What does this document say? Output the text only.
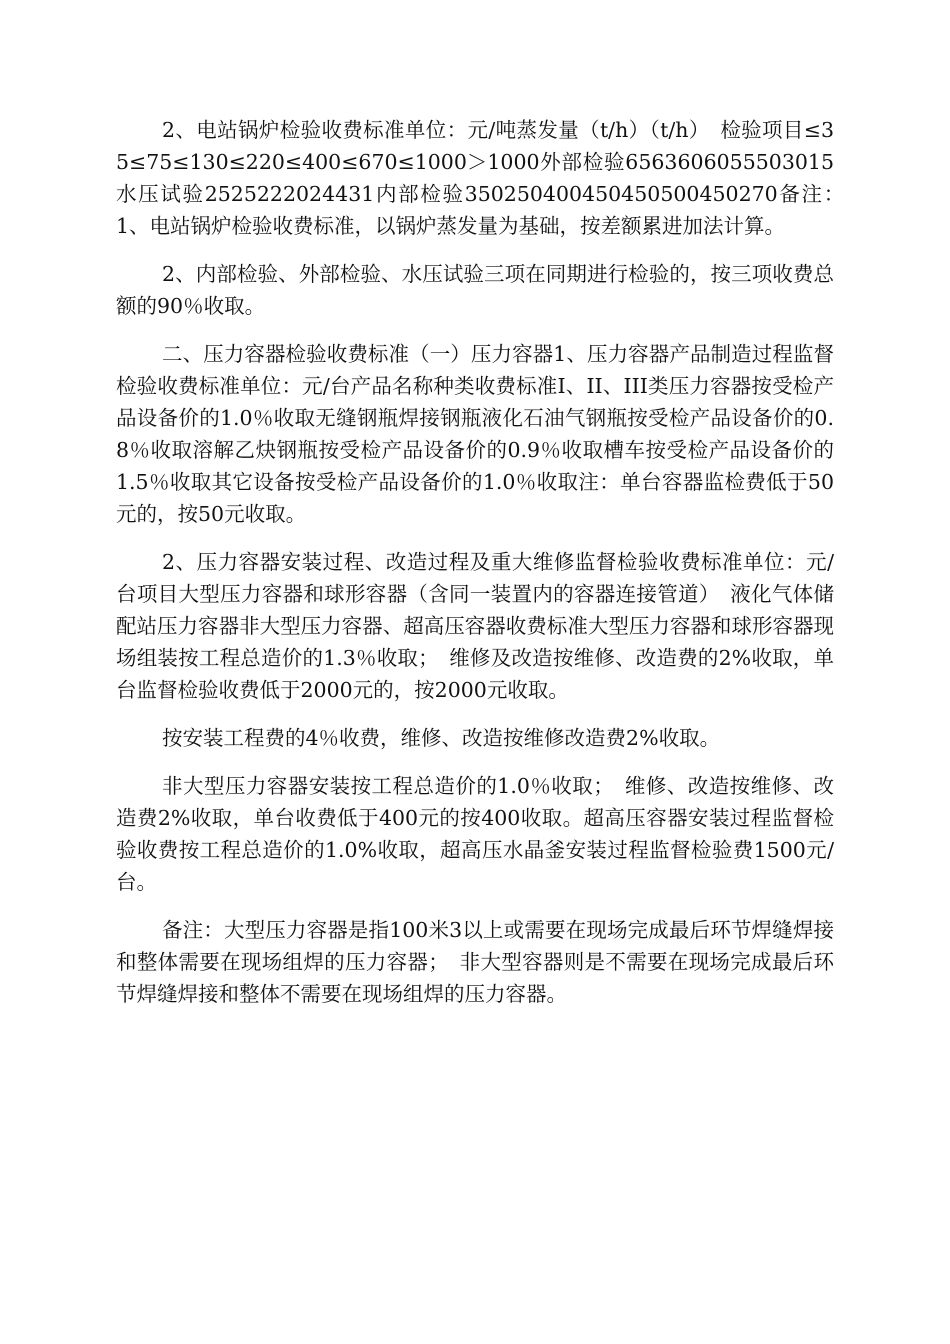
2、电站锅炉检验收费标准单位：元/吨蒸发量（t/h）（t/h）　检验项目≤35≤75≤130≤220≤400≤670≤1000＞1000外部检验6563606055503015水压试验2525222024431内部检验350250400450450500450270备注：　1、电站锅炉检验收费标准，以锅炉蒸发量为基础，按差额累进加法计算。

2、内部检验、外部检验、水压试验三项在同期进行检验的，按三项收费总额的90％收取。

二、压力容器检验收费标准（一）压力容器1、压力容器产品制造过程监督检验收费标准单位：元/台产品名称种类收费标准I、II、III类压力容器按受检产品设备价的1.0％收取无缝钢瓶焊接钢瓶液化石油气钢瓶按受检产品设备价的0.8％收取溶解乙炔钢瓶按受检产品设备价的0.9％收取槽车按受检产品设备价的1.5％收取其它设备按受检产品设备价的1.0％收取注：单台容器监检费低于50元的，按50元收取。

2、压力容器安装过程、改造过程及重大维修监督检验收费标准单位：元/台项目大型压力容器和球形容器（含同一装置内的容器连接管道）　液化气体储配站压力容器非大型压力容器、超高压容器收费标准大型压力容器和球形容器现场组装按工程总造价的1.3％收取；　维修及改造按维修、改造费的2%收取，单台监督检验收费低于2000元的，按2000元收取。

按安装工程费的4％收费，维修、改造按维修改造费2%收取。

非大型压力容器安装按工程总造价的1.0％收取；　维修、改造按维修、改造费2%收取，单台收费低于400元的按400收取。超高压容器安装过程监督检验收费按工程总造价的1.0%收取，超高压水晶釜安装过程监督检验费1500元/台。

备注：大型压力容器是指100米3以上或需要在现场完成最后环节焊缝焊接和整体需要在现场组焊的压力容器；　非大型容器则是不需要在现场完成最后环节焊缝焊接和整体不需要在现场组焊的压力容器。
